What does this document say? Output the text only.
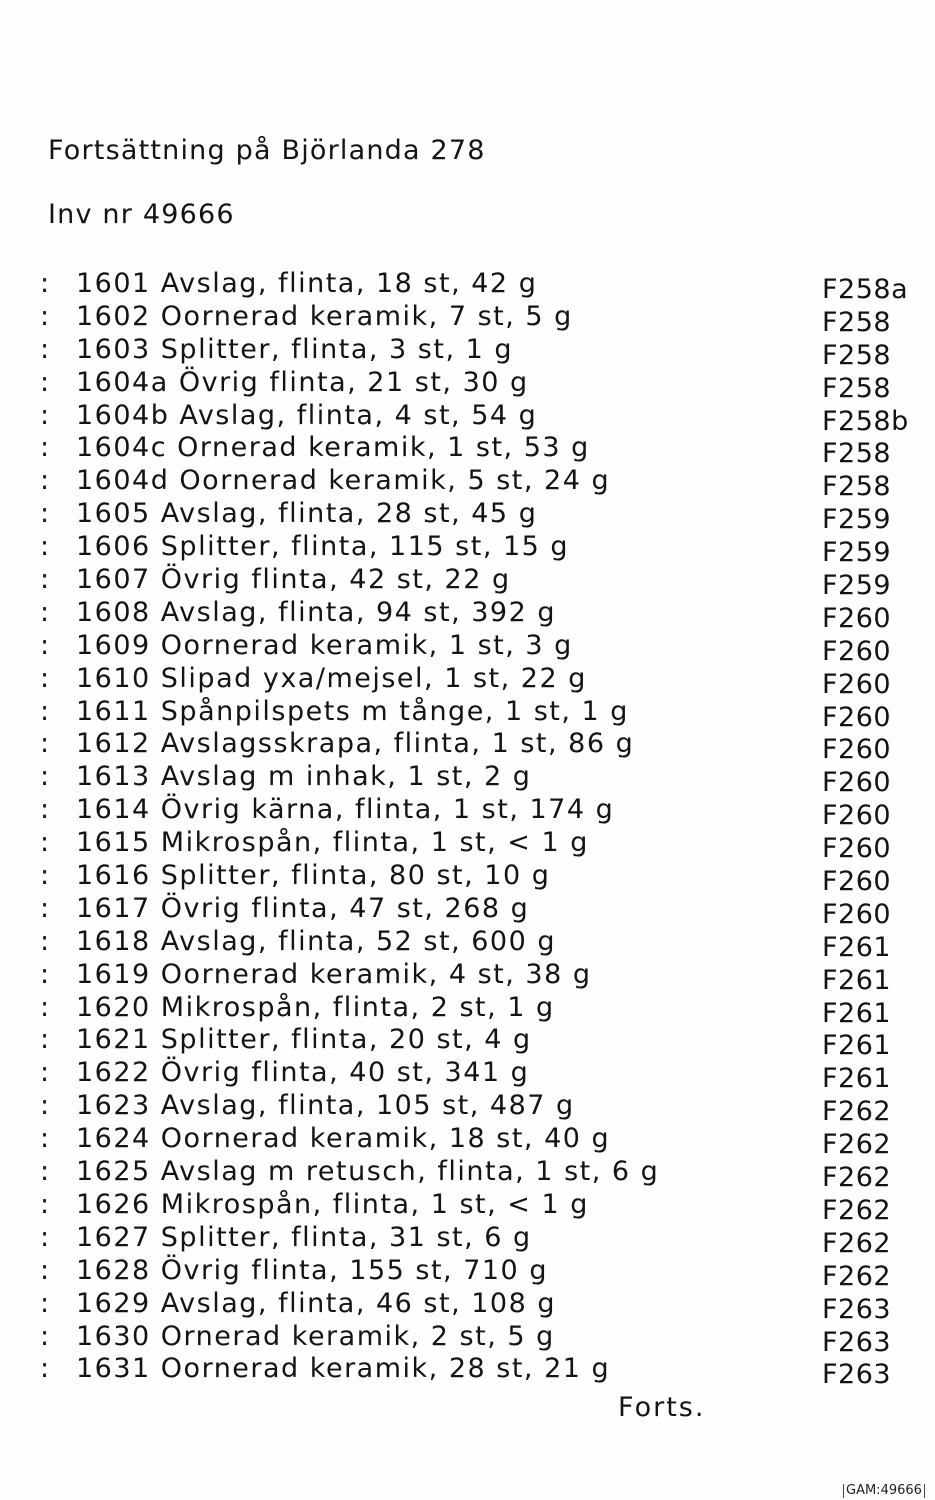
Fortsättning på Björlanda 278
Inv nr 49666
: 1601 Avslag, flinta, 18 st, 42 g	F258a
: 1602 Oornerad keramik, 7 st, 5 g	F258
: 1603 Splitter, flinta, 3 st, 1 g	F258
: 1604a Övrig flinta, 21 st, 30 g	F258
: 1604b Avslag, flinta, 4 st, 54 g	F258b
: 1604c Ornerad keramik, 1 st, 53 g	F258
: 1604d Oornerad keramik, 5 st, 24 g	F258
: 1605 Avslag, flinta, 28 st, 45 g	F259
: 1606 Splitter, flinta, 115 st, 15 g	F259
: 1607 Övrig flinta, 42 st, 22 g	F259
: 1608 Avslag, flinta, 94 st, 392 g	F260
: 1609 Oornerad keramik, 1 st, 3 g	F260
: 1610 Slipad yxa/mejsel, 1 st, 22 g	F260
: 1611 Spånpilspets m tånge, 1 st, 1 g	F260
: 1612 Avslagsskrapa, flinta, 1 st, 86 g	F260
: 1613 Avslag m inhak, 1 st, 2 g	F260
: 1614 Övrig kärna, flinta, 1 st, 174 g	F260
: 1615 Mikrospån, flinta, 1 st, < 1 g	F260
: 1616 Splitter, flinta, 80 st, 10 g	F260
: 1617 Övrig flinta, 47 st, 268 g	F260
: 1618 Avslag, flinta, 52 st, 600 g	F261
: 1619 Oornerad keramik, 4 st, 38 g	F261
: 1620 Mikrospån, flinta, 2 st, 1 g	F261
: 1621 Splitter, flinta, 20 st, 4 g	F261
: 1622 Övrig flinta, 40 st, 341 g	F261
: 1623 Avslag, flinta, 105 st, 487 g	F262
: 1624 Oornerad keramik, 18 st, 40 g	F262
: 1625 Avslag m retusch, flinta, 1 st, 6 g	F262
: 1626 Mikrospån, flinta, 1 st, < 1 g	F262
: 1627 Splitter, flinta, 31 st, 6 g	F262
: 1628 Övrig flinta, 155 st, 710 g	F262
: 1629 Avslag, flinta, 46 st, 108 g	F263
: 1630 Ornerad keramik, 2 st, 5 g	F263
: 1631 Oornerad keramik, 28 st, 21 g	F263
Forts.
GAM:49666
